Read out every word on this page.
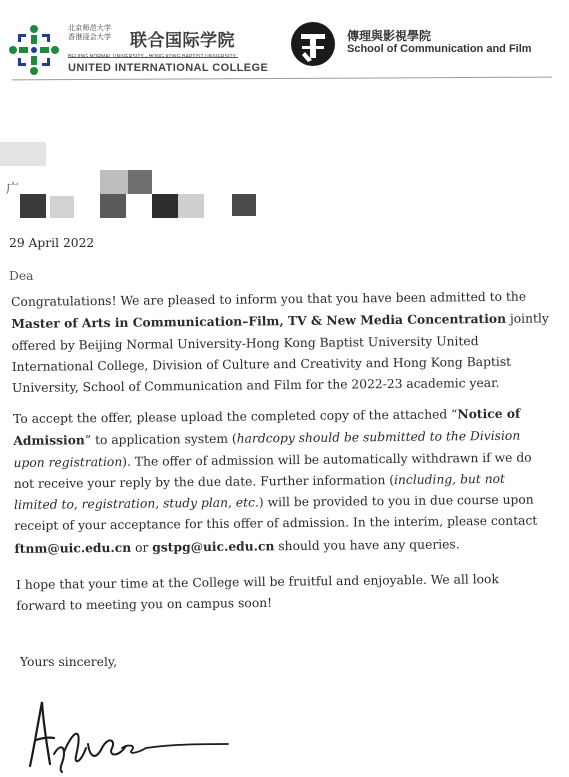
北京师范大学
香港浸会大学	联合国际学院
UNITED INTERNATIONAL COLLEGE
傳理與影視學院
School of Communication and Film
广
29 April 2022
Dea
Congratulations! We are pleased to inform you that you have been admitted to the Master of Arts in Communication–Film, TV & New Media Concentration jointly offered by Beijing Normal University-Hong Kong Baptist University United International College, Division of Culture and Creativity and Hong Kong Baptist University, School of Communication and Film for the 2022-23 academic year.
To accept the offer, please upload the completed copy of the attached “Notice of Admission” to application system (hardcopy should be submitted to the Division upon registration). The offer of admission will be automatically withdrawn if we do not receive your reply by the due date. Further information (including, but not limited to, registration, study plan, etc.) will be provided to you in due course upon receipt of your acceptance for this offer of admission. In the interim, please contact ftnm@uic.edu.cn or gstpg@uic.edu.cn should you have any queries.
I hope that your time at the College will be fruitful and enjoyable. We all look forward to meeting you on campus soon!
Yours sincerely,
